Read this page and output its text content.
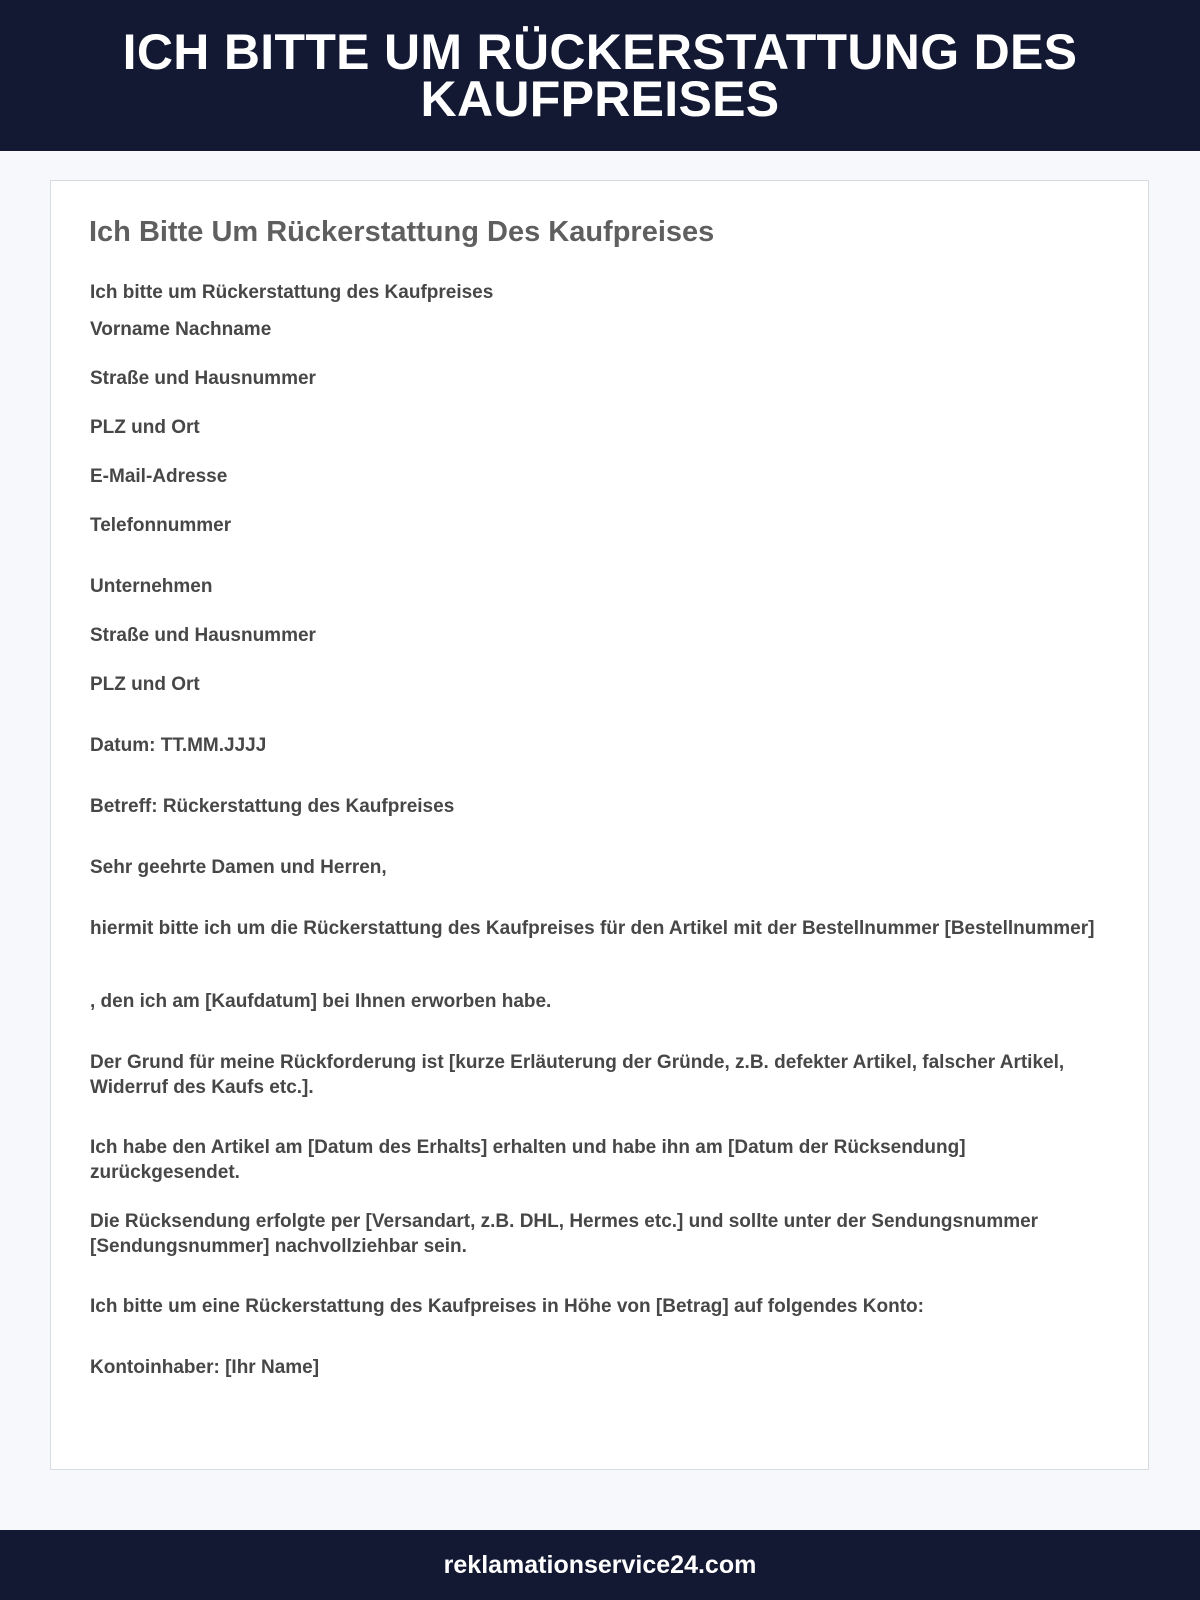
ICH BITTE UM RÜCKERSTATTUNG DES KAUFPREISES
Ich Bitte Um Rückerstattung Des Kaufpreises

Ich bitte um Rückerstattung des Kaufpreises

Vorname Nachname

Straße und Hausnummer

PLZ und Ort

E-Mail-Adresse

Telefonnummer

Unternehmen

Straße und Hausnummer

PLZ und Ort

Datum: TT.MM.JJJJ

Betreff: Rückerstattung des Kaufpreises

Sehr geehrte Damen und Herren,

hiermit bitte ich um die Rückerstattung des Kaufpreises für den Artikel mit der Bestellnummer [Bestellnummer]

, den ich am [Kaufdatum] bei Ihnen erworben habe.

Der Grund für meine Rückforderung ist [kurze Erläuterung der Gründe, z.B. defekter Artikel, falscher Artikel, Widerruf des Kaufs etc.].

Ich habe den Artikel am [Datum des Erhalts] erhalten und habe ihn am [Datum der Rücksendung] zurückgesendet.

Die Rücksendung erfolgte per [Versandart, z.B. DHL, Hermes etc.] und sollte unter der Sendungsnummer [Sendungsnummer] nachvollziehbar sein.

Ich bitte um eine Rückerstattung des Kaufpreises in Höhe von [Betrag] auf folgendes Konto:

Kontoinhaber: [Ihr Name]

reklamationservice24.com
